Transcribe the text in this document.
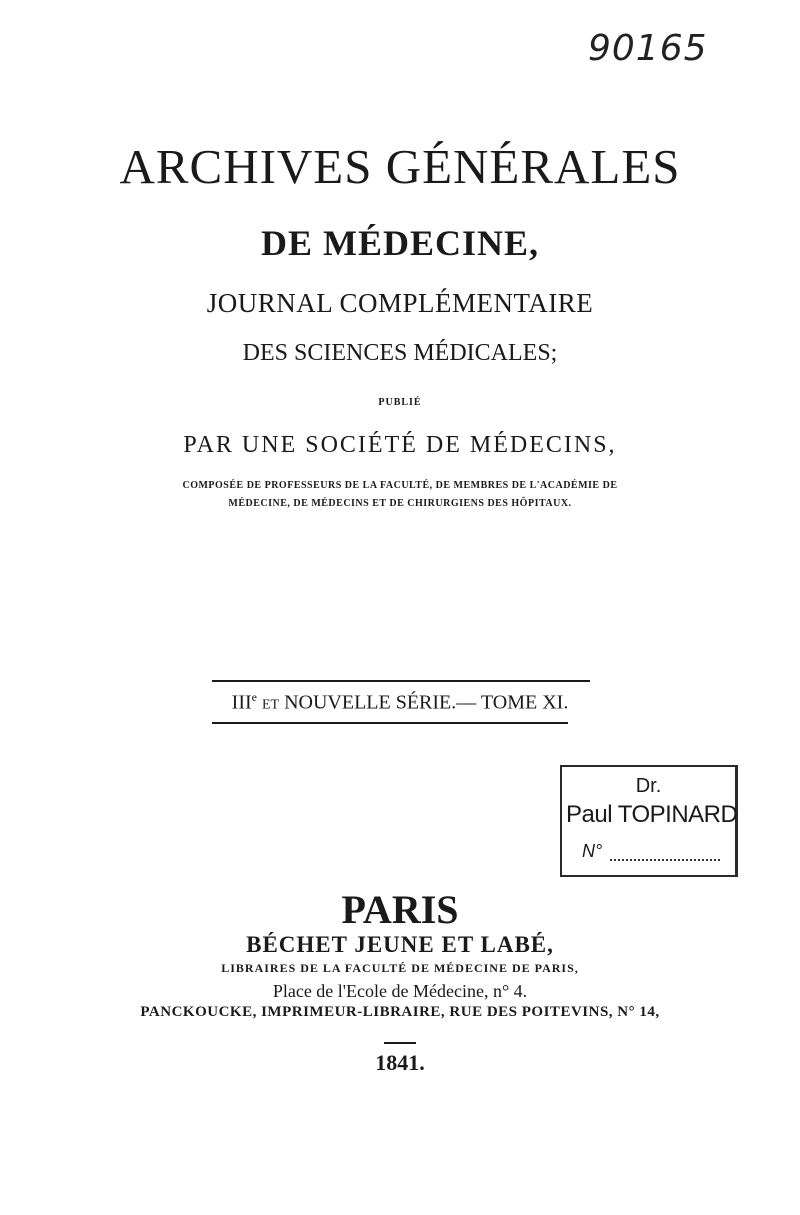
90165
ARCHIVES GÉNÉRALES
DE MÉDECINE,
JOURNAL COMPLÉMENTAIRE
DES SCIENCES MÉDICALES;
PUBLIÉ
PAR UNE SOCIÉTÉ DE MÉDECINS,
COMPOSÉE DE PROFESSEURS DE LA FACULTÉ, DE MEMBRES DE L'ACADÉMIE DE
MÉDECINE, DE MÉDECINS ET DE CHIRURGIENS DES HÔPITAUX.
IIIe ET NOUVELLE SÉRIE.— TOME XI.
Dr.
Paul TOPINARD
N°
PARIS
BÉCHET JEUNE ET LABÉ,
LIBRAIRES DE LA FACULTÉ DE MÉDECINE DE PARIS,
Place de l'Ecole de Médecine, n° 4.
PANCKOUCKE, IMPRIMEUR-LIBRAIRE, RUE DES POITEVINS, N° 14,
1841.
